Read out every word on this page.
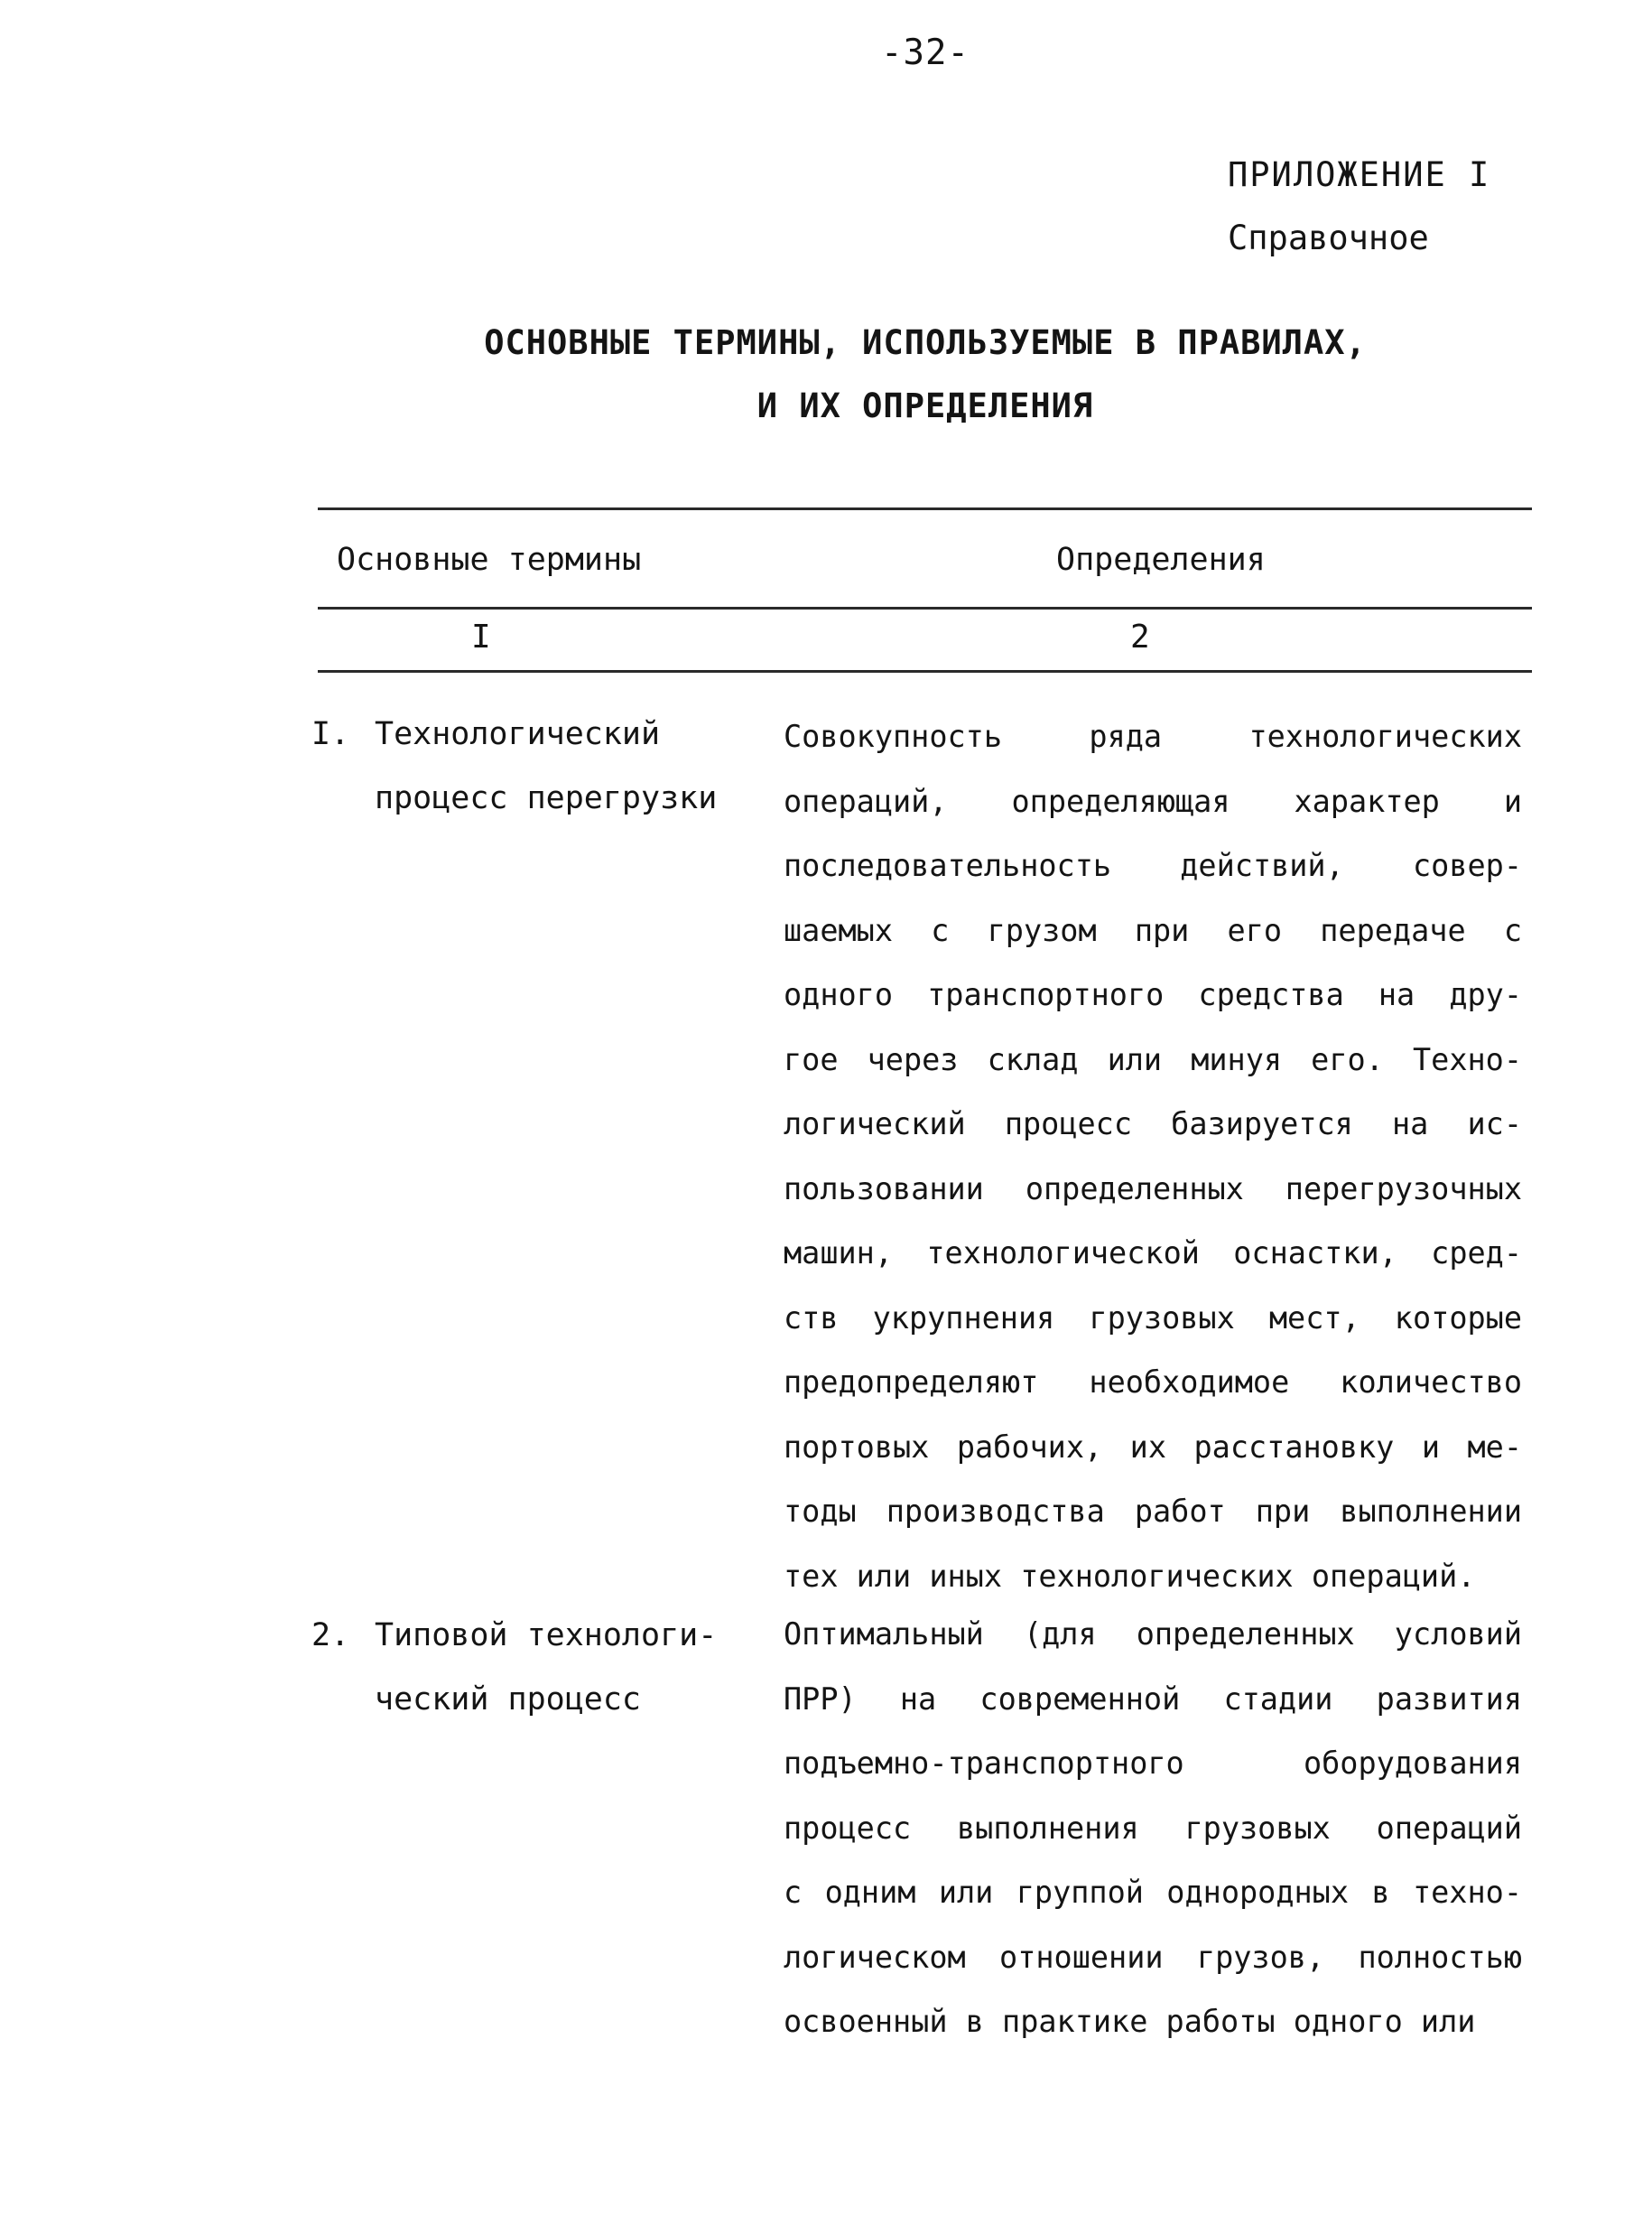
-32-
ПРИЛОЖЕНИЕ I
Справочное
ОСНОВНЫЕ ТЕРМИНЫ, ИСПОЛЬЗУЕМЫЕ В ПРАВИЛАХ,
И ИХ ОПРЕДЕЛЕНИЯ
Основные термины	Определения
I	2
I. Технологический
процесс перегрузки
Совокупность ряда технологических
операций, определяющая характер и
последовательность действий, совер-
шаемых с грузом при его передаче с
одного транспортного средства на дру-
гое через склад или минуя его. Техно-
логический процесс базируется на ис-
пользовании определенных перегрузочных
машин, технологической оснастки, сред-
ств укрупнения грузовых мест, которые
предопределяют необходимое количество
портовых рабочих, их расстановку и ме-
тоды производства работ при выполнении
тех или иных технологических операций.
2. Типовой технологи-
ческий процесс
Оптимальный (для определенных условий
ПРР) на современной стадии развития
подъемно-транспортного оборудования
процесс выполнения грузовых операций
с одним или группой однородных в техно-
логическом отношении грузов, полностью
освоенный в практике работы одного или
